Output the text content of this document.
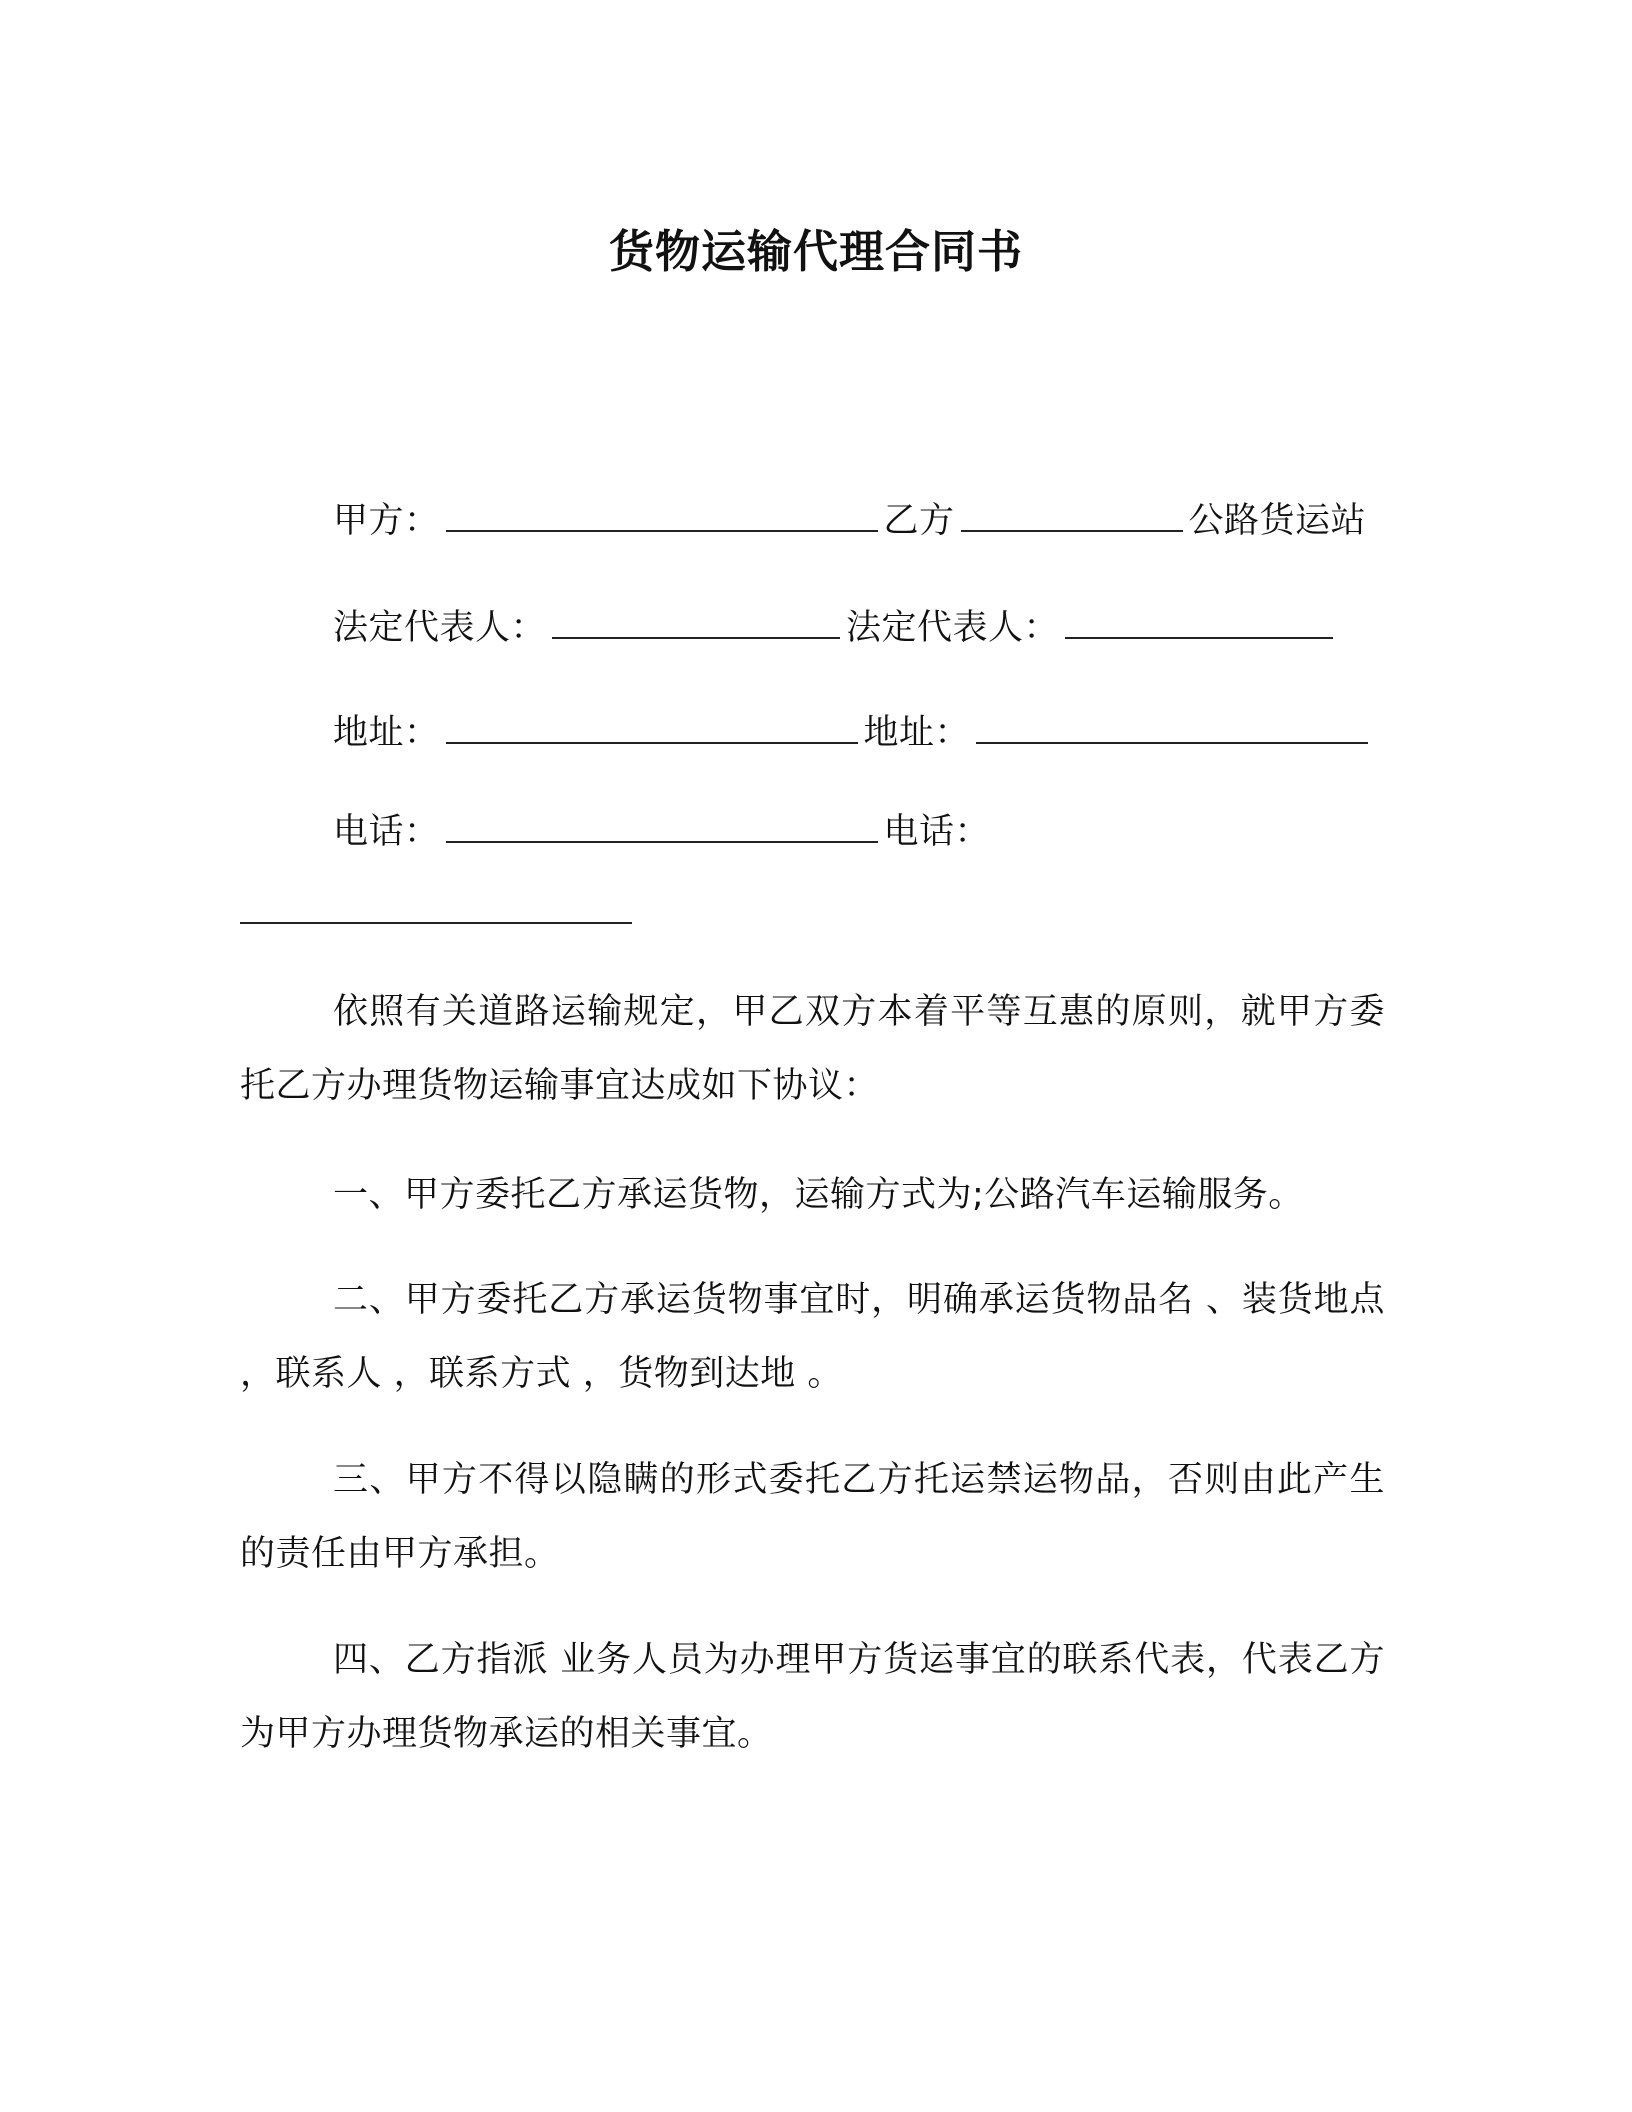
货物运输代理合同书
甲方：	乙方	公路货运站
法定代表人：	法定代表人：
地址：	地址：
电话：	电话：
依照有关道路运输规定，甲乙双方本着平等互惠的原则，就甲方委托乙方办理货物运输事宜达成如下协议：
一、甲方委托乙方承运货物，运输方式为;公路汽车运输服务。
二、甲方委托乙方承运货物事宜时，明确承运货物品名 、装货地点 ，联系人 ，联系方式 ，货物到达地 。
三、甲方不得以隐瞒的形式委托乙方托运禁运物品，否则由此产生的责任由甲方承担。
四、乙方指派 业务人员为办理甲方货运事宜的联系代表，代表乙方为甲方办理货物承运的相关事宜。
